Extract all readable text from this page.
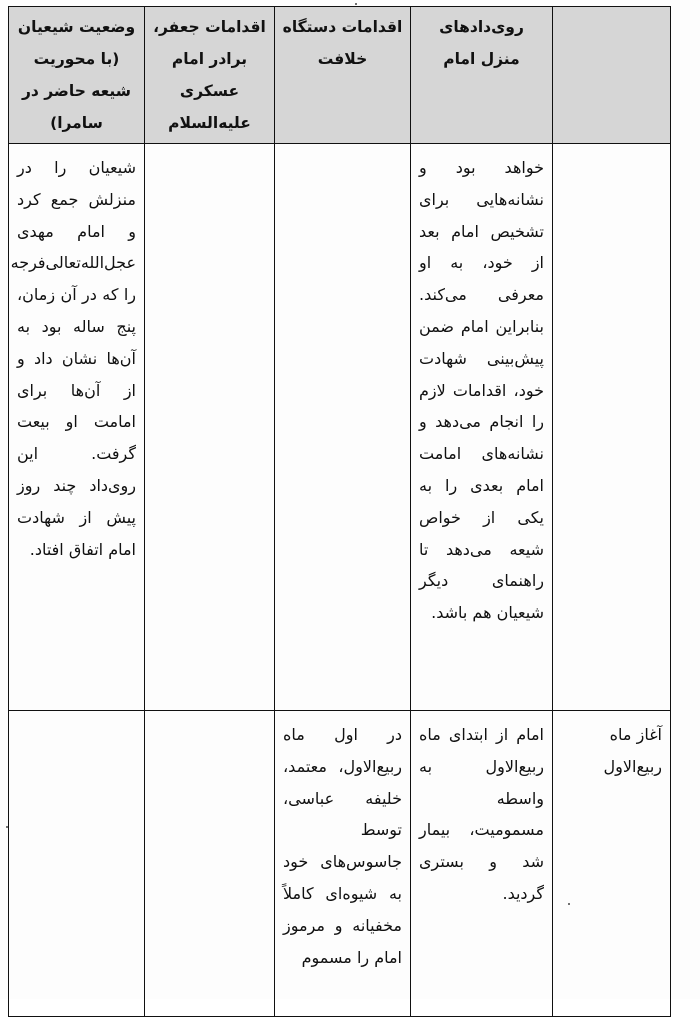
	روی‌دادهای منزل امام	اقدامات دستگاه خلافت	اقدامات جعفر، برادر امام عسکری علیه‌السلام	وضعیت شیعیان (با محوریت شیعه حاضر در سامرا)

	خواهد بود و نشانه‌هایی برای تشخیص امام بعد از خود، به او معرفی می‌کند. بنابراین امام ضمن پیش‌بینی شهادت خود، اقدامات لازم را انجام می‌دهد و نشانه‌های امامت امام بعدی را به یکی از خواص شیعه می‌دهد تا راهنمای دیگر شیعیان هم باشد.			شیعیان را در منزلش جمع کرد و امام مهدی عجل‌الله‌تعالی‌فرجه را که در آن زمان، پنج ساله بود به آن‌ها نشان داد و از آن‌ها برای امامت او بیعت گرفت. این روی‌داد چند روز پیش از شهادت امام اتفاق افتاد.

آغاز ماه ربیع‌الاول	امام از ابتدای ماه ربیع‌الاول به واسطه مسمومیت، بیمار شد و بستری گردید.	در اول ماه ربیع‌الاول، معتمد، خلیفه عباسی، توسط جاسوس‌های خود به شیوه‌ای کاملاً مخفیانه و مرموز امام را مسموم		
